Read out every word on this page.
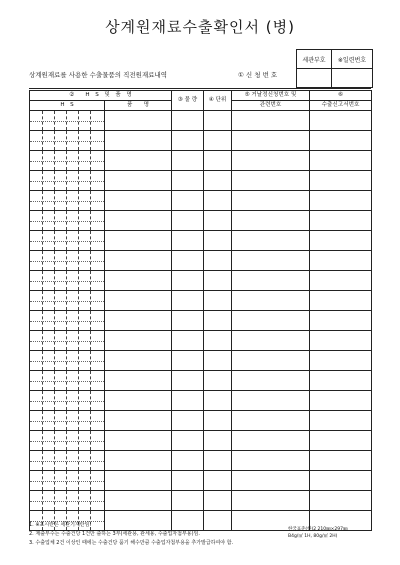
상계원재료수출확인서 (병)
세관부호	※일련번호

상계원재료를 사용한 수출물품의 직전원재료내역	① 신 청 번 호
②　　H　S　및　품　명		③ 물 량	④ 단위	⑤ 거날정신청번호 및	⑥
H　S	품　　명			관련번호	수출신고서번호

1. ※표시란은 세관기재란임.
2. 제출부수는 수출건당 1건만 출하는 3부(세관용, 관세용, 수출업자첨부용)임.
3. 수출업체 2건 이상인 때에는 수출건당 품기 해수만큼 수출업자첨부용을 추가발급하여야 함.
한국표준(한)2 210㎜×297㎜
B4g/㎡ 1H, 80g/㎡ 2H)
